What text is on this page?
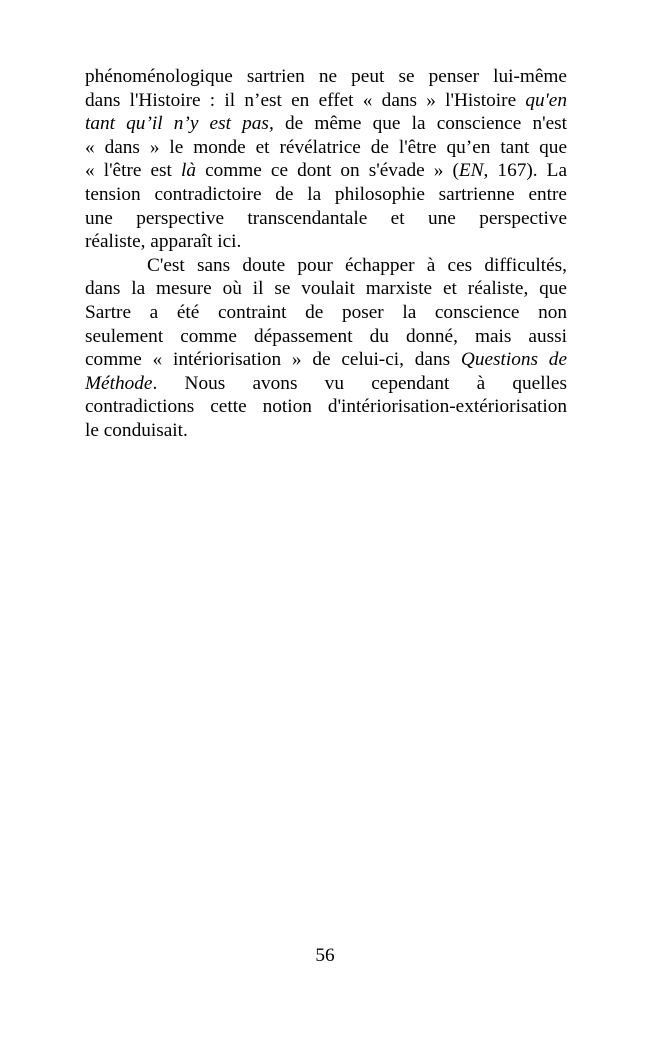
phénoménologique sartrien ne peut se penser lui-même
dans l'Histoire : il n’est en effet « dans » l'Histoire qu'en
tant qu’il n’y est pas, de même que la conscience n'est
« dans » le monde et révélatrice de l'être qu’en tant que
« l'être est là comme ce dont on s'évade » (EN, 167). La
tension contradictoire de la philosophie sartrienne entre
une perspective transcendantale et une perspective
réaliste, apparaît ici.
C'est sans doute pour échapper à ces difficultés,
dans la mesure où il se voulait marxiste et réaliste, que
Sartre a été contraint de poser la conscience non
seulement comme dépassement du donné, mais aussi
comme « intériorisation » de celui-ci, dans Questions de
Méthode. Nous avons vu cependant à quelles
contradictions cette notion d'intériorisation-extériorisation
le conduisait.
56
